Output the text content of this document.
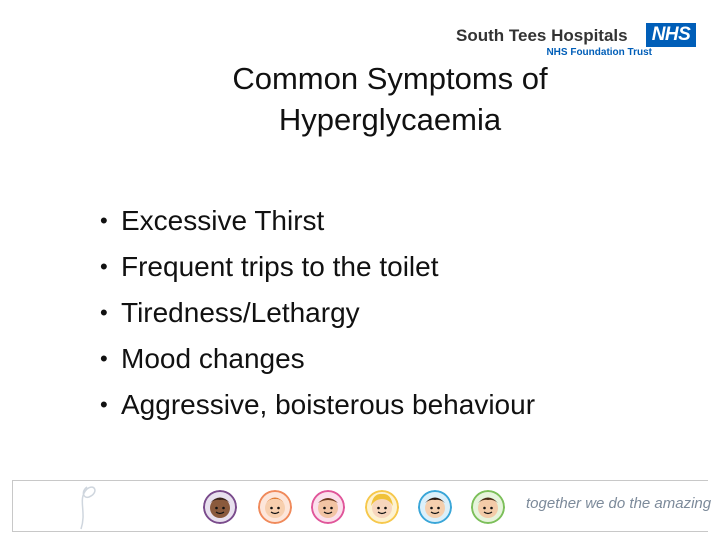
South Tees Hospitals NHS
NHS Foundation Trust
Common Symptoms of
Hyperglycaemia
• Excessive Thirst
• Frequent trips to the toilet
• Tiredness/Lethargy
• Mood changes
• Aggressive, boisterous behaviour
together we do the amazing
